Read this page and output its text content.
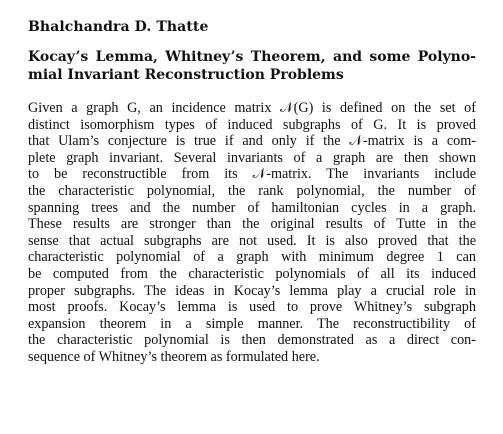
Bhalchandra D. Thatte
Kocay’s Lemma, Whitney’s Theorem, and some Polyno-
mial Invariant Reconstruction Problems
Given a graph G, an incidence matrix 𝒩(G) is defined on the set of
distinct isomorphism types of induced subgraphs of G. It is proved
that Ulam’s conjecture is true if and only if the 𝒩-matrix is a com-
plete graph invariant. Several invariants of a graph are then shown
to be reconstructible from its 𝒩-matrix. The invariants include
the characteristic polynomial, the rank polynomial, the number of
spanning trees and the number of hamiltonian cycles in a graph.
These results are stronger than the original results of Tutte in the
sense that actual subgraphs are not used. It is also proved that the
characteristic polynomial of a graph with minimum degree 1 can
be computed from the characteristic polynomials of all its induced
proper subgraphs. The ideas in Kocay’s lemma play a crucial role in
most proofs. Kocay’s lemma is used to prove Whitney’s subgraph
expansion theorem in a simple manner. The reconstructibility of
the characteristic polynomial is then demonstrated as a direct con-
sequence of Whitney’s theorem as formulated here.
